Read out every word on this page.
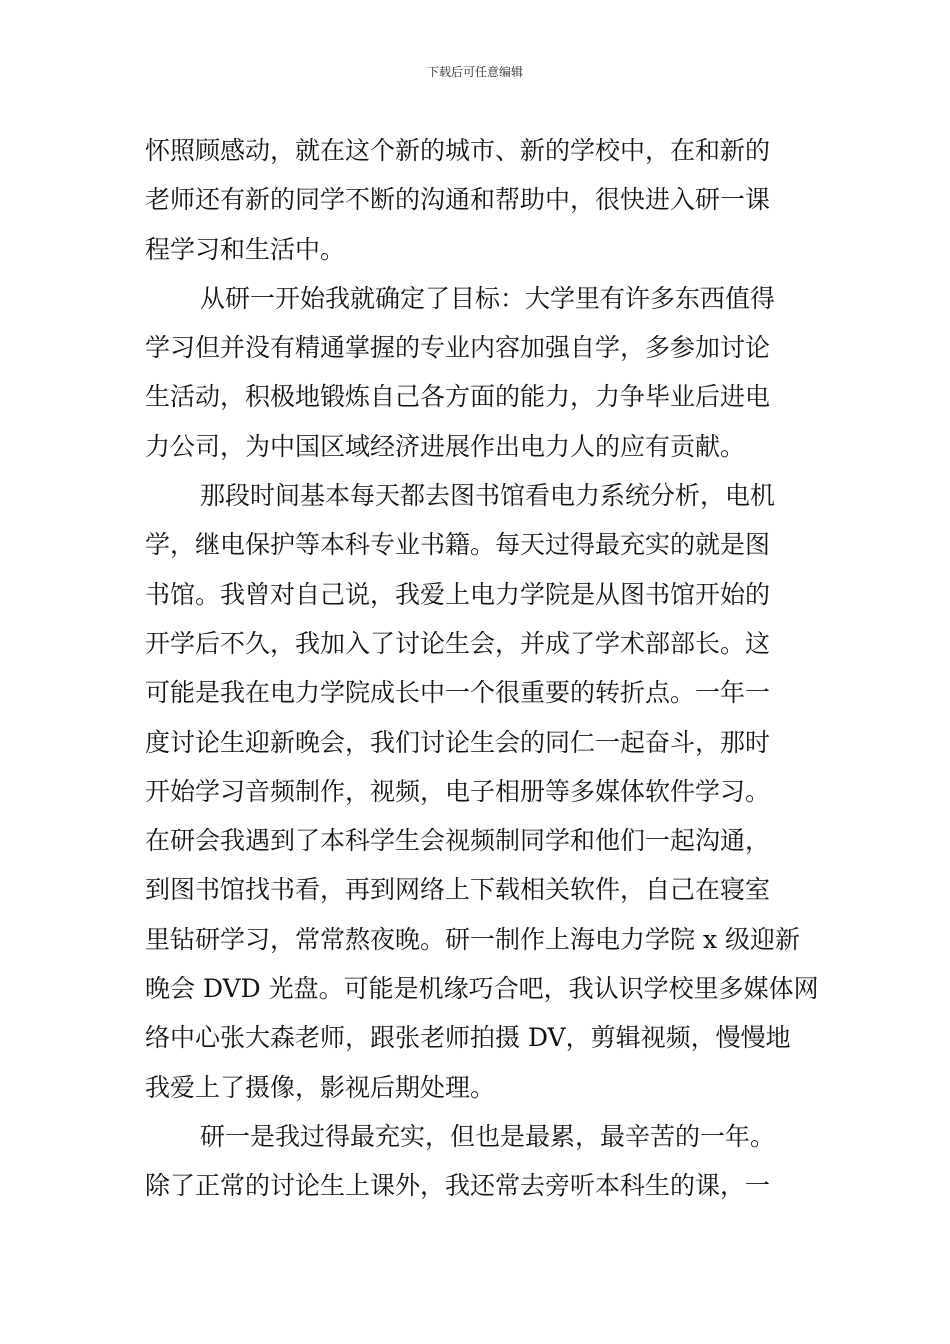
下载后可任意编辑
怀照顾感动，就在这个新的城市、新的学校中，在和新的
老师还有新的同学不断的沟通和帮助中，很快进入研一课
程学习和生活中。
从研一开始我就确定了目标：大学里有许多东西值得
学习但并没有精通掌握的专业内容加强自学，多参加讨论
生活动，积极地锻炼自己各方面的能力，力争毕业后进电
力公司，为中国区域经济进展作出电力人的应有贡献。
那段时间基本每天都去图书馆看电力系统分析，电机
学，继电保护等本科专业书籍。每天过得最充实的就是图
书馆。我曾对自己说，我爱上电力学院是从图书馆开始的
开学后不久，我加入了讨论生会，并成了学术部部长。这
可能是我在电力学院成长中一个很重要的转折点。一年一
度讨论生迎新晚会，我们讨论生会的同仁一起奋斗，那时
开始学习音频制作，视频，电子相册等多媒体软件学习。
在研会我遇到了本科学生会视频制同学和他们一起沟通，
到图书馆找书看，再到网络上下载相关软件，自己在寝室
里钻研学习，常常熬夜晚。研一制作上海电力学院 x 级迎新
晚会 DVD 光盘。可能是机缘巧合吧，我认识学校里多媒体网
络中心张大森老师，跟张老师拍摄 DV，剪辑视频，慢慢地
我爱上了摄像，影视后期处理。
研一是我过得最充实，但也是最累，最辛苦的一年。
除了正常的讨论生上课外，我还常去旁听本科生的课，一
